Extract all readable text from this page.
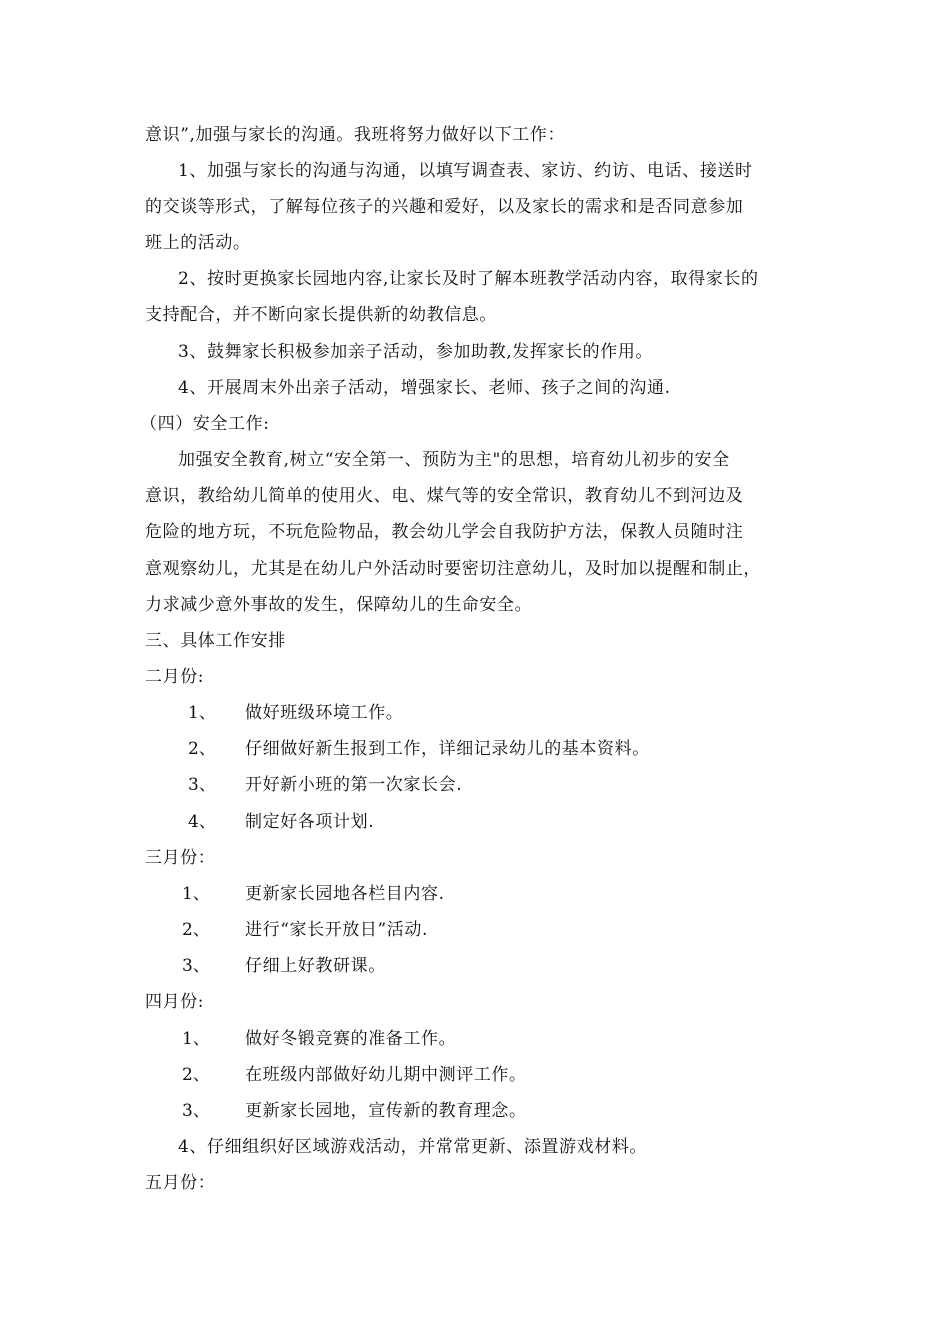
意识”,加强与家长的沟通。我班将努力做好以下工作：
1、加强与家长的沟通与沟通，以填写调查表、家访、约访、电话、接送时
的交谈等形式，了解每位孩子的兴趣和爱好，以及家长的需求和是否同意参加
班上的活动。
2、按时更换家长园地内容,让家长及时了解本班教学活动内容，取得家长的
支持配合，并不断向家长提供新的幼教信息。
3、鼓舞家长积极参加亲子活动，参加助教,发挥家长的作用。
4、开展周末外出亲子活动，增强家长、老师、孩子之间的沟通.
（四）安全工作:
加强安全教育,树立“安全第一、预防为主"的思想，培育幼儿初步的安全
意识，教给幼儿简单的使用火、电、煤气等的安全常识，教育幼儿不到河边及
危险的地方玩，不玩危险物品，教会幼儿学会自我防护方法，保教人员随时注
意观察幼儿，尤其是在幼儿户外活动时要密切注意幼儿，及时加以提醒和制止，
力求减少意外事故的发生，保障幼儿的生命安全。
三、具体工作安排
二月份:
1、 做好班级环境工作。
2、 仔细做好新生报到工作，详细记录幼儿的基本资料。
3、 开好新小班的第一次家长会.
4、 制定好各项计划.
三月份：
1、 更新家长园地各栏目内容.
2、 进行“家长开放日”活动.
3、 仔细上好教研课。
四月份:
1、 做好冬锻竞赛的准备工作。
2、 在班级内部做好幼儿期中测评工作。
3、 更新家长园地，宣传新的教育理念。
4、仔细组织好区域游戏活动，并常常更新、添置游戏材料。
五月份：
